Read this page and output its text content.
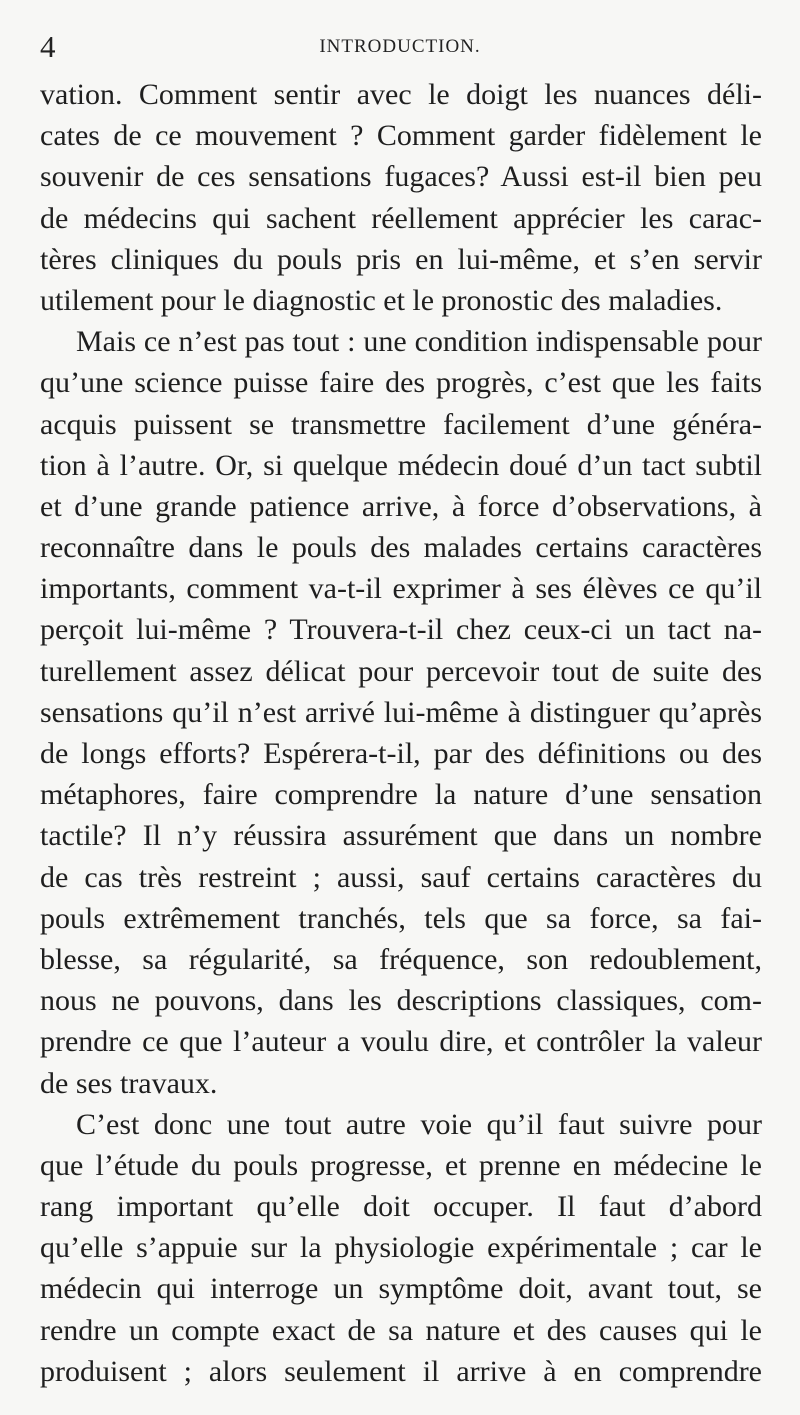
4	INTRODUCTION.
vation. Comment sentir avec le doigt les nuances déli-
cates de ce mouvement ? Comment garder fidèlement le
souvenir de ces sensations fugaces? Aussi est-il bien peu
de médecins qui sachent réellement apprécier les carac-
tères cliniques du pouls pris en lui-même, et s’en servir
utilement pour le diagnostic et le pronostic des maladies.
Mais ce n’est pas tout : une condition indispensable pour
qu’une science puisse faire des progrès, c’est que les faits
acquis puissent se transmettre facilement d’une généra-
tion à l’autre. Or, si quelque médecin doué d’un tact subtil
et d’une grande patience arrive, à force d’observations, à
reconnaître dans le pouls des malades certains caractères
importants, comment va-t-il exprimer à ses élèves ce qu’il
perçoit lui-même ? Trouvera-t-il chez ceux-ci un tact na-
turellement assez délicat pour percevoir tout de suite des
sensations qu’il n’est arrivé lui-même à distinguer qu’après
de longs efforts? Espérera-t-il, par des définitions ou des
métaphores, faire comprendre la nature d’une sensation
tactile? Il n’y réussira assurément que dans un nombre
de cas très restreint ; aussi, sauf certains caractères du
pouls extrêmement tranchés, tels que sa force, sa fai-
blesse, sa régularité, sa fréquence, son redoublement,
nous ne pouvons, dans les descriptions classiques, com-
prendre ce que l’auteur a voulu dire, et contrôler la valeur
de ses travaux.
C’est donc une tout autre voie qu’il faut suivre pour
que l’étude du pouls progresse, et prenne en médecine le
rang important qu’elle doit occuper. Il faut d’abord
qu’elle s’appuie sur la physiologie expérimentale ; car le
médecin qui interroge un symptôme doit, avant tout, se
rendre un compte exact de sa nature et des causes qui le
produisent ; alors seulement il arrive à en comprendre
